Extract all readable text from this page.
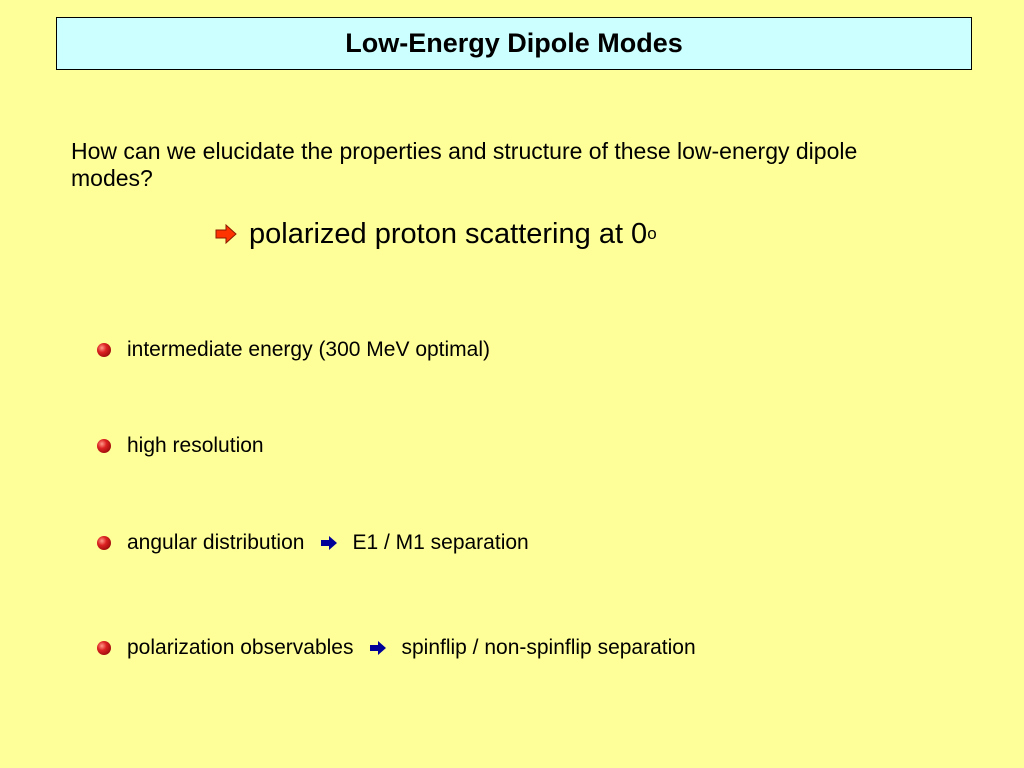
Low-Energy Dipole Modes
How can we elucidate the properties and structure of these low-energy dipole modes?
polarized proton scattering at 0 o
intermediate energy (300 MeV optimal)
high resolution
angular distribution E1 / M1 separation
polarization observables spinflip / non-spinflip separation
